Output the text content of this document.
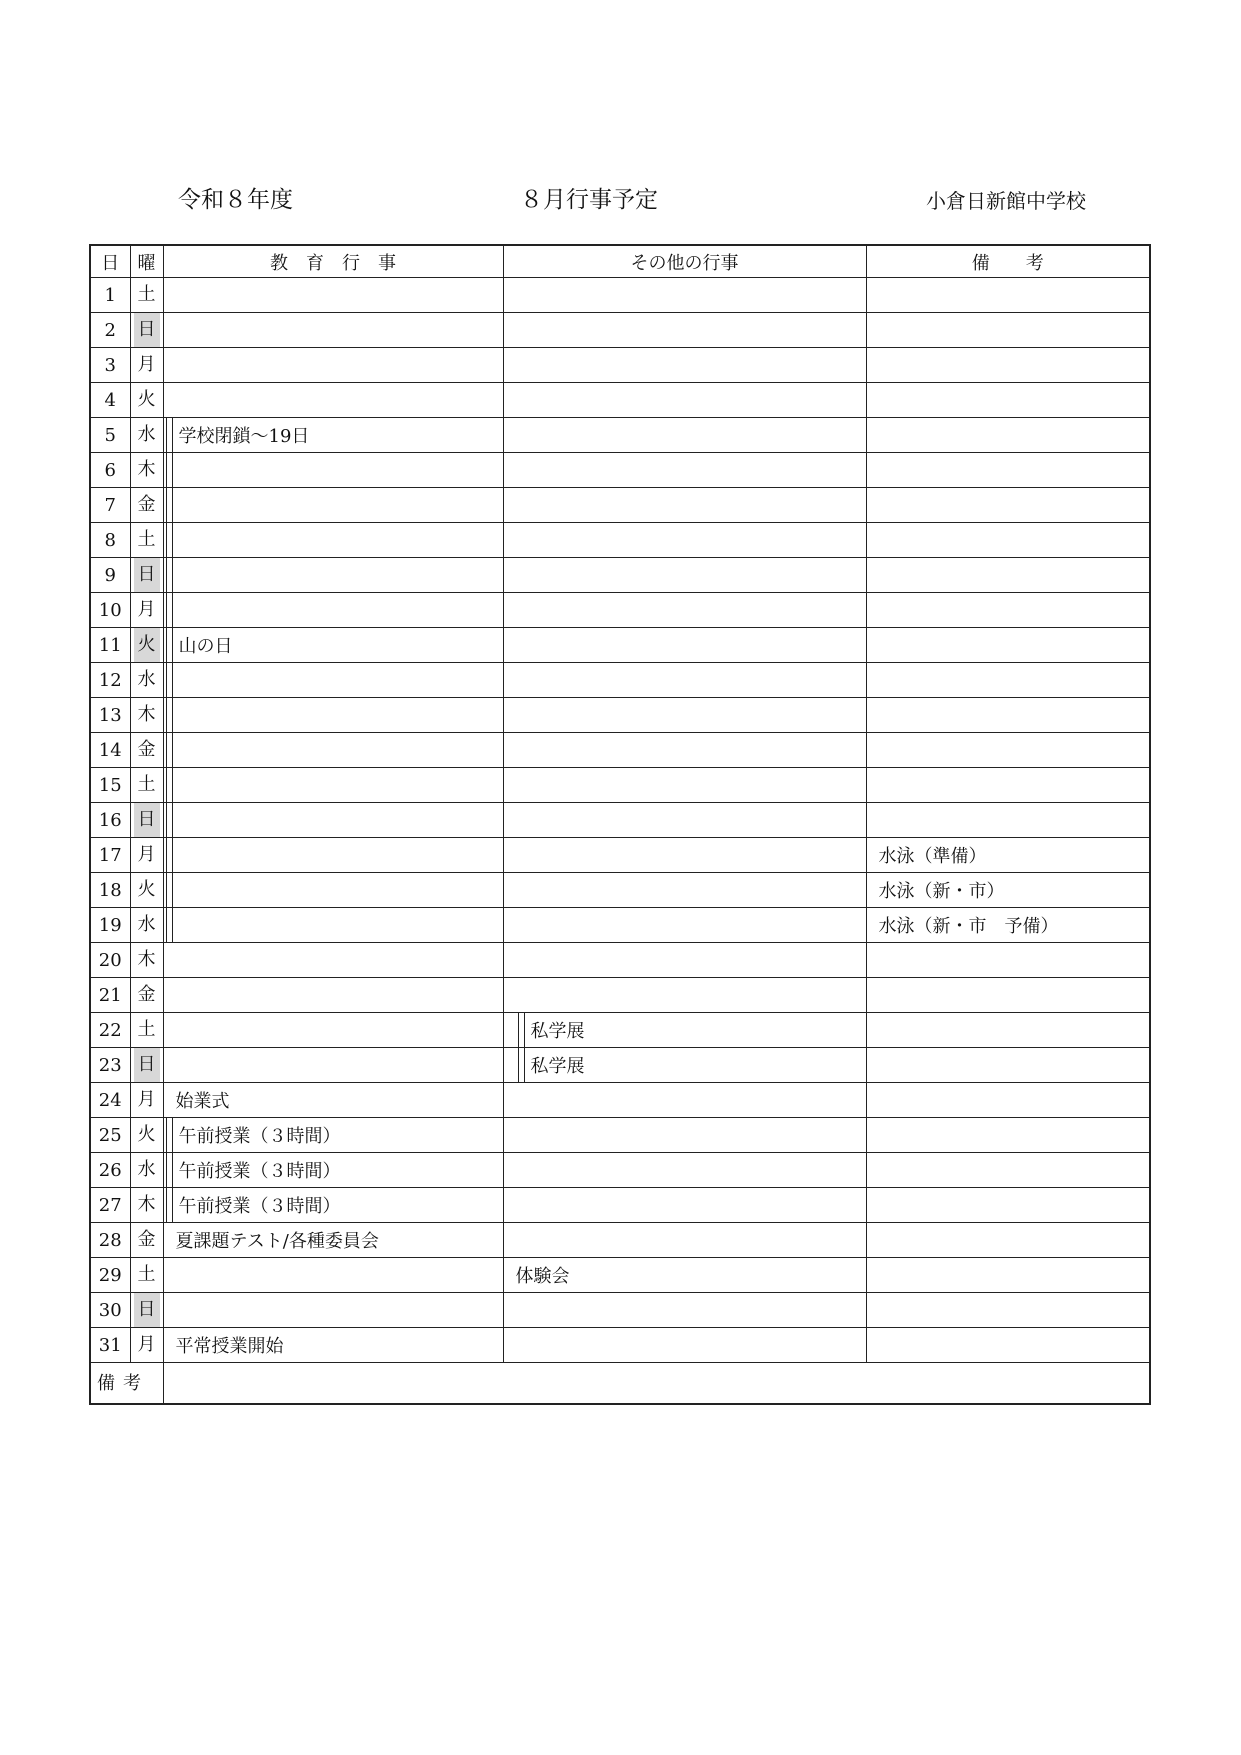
令和８年度	８月行事予定	小倉日新館中学校
日	曜	教　育　行　事	その他の行事	備　　考
1	土			
2	日			
3	月			
4	火			
5	水	学校閉鎖～19日		

6	木	

7	金	

8	土	

9	日	

10	月	

11	火	山の日		

12	水	

13	木	

14	金	

15	土	

16	日	

17	月			水泳（準備）
18	火			水泳（新・市）
19	水			水泳（新・市　予備）
20	木			
21	金			
22	土		私学展	

23	日		私学展	

24	月	始業式		
25	火	午前授業（３時間）		

26	水	午前授業（３時間）		

27	木	午前授業（３時間）		

28	金	夏課題テスト/各種委員会		
29	土		体験会	
30	日			
31	月	平常授業開始		
備考				
